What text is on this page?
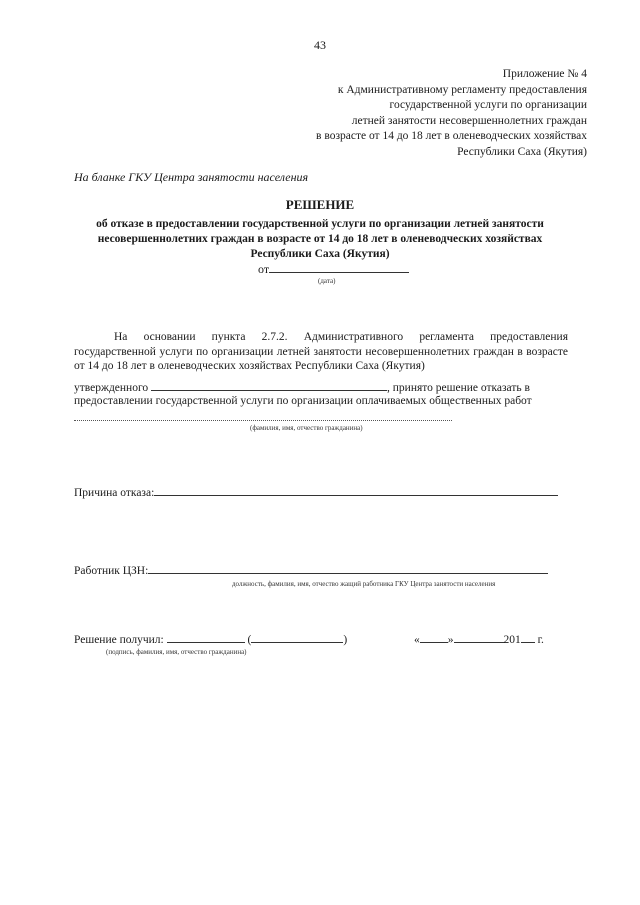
43
Приложение № 4
к Административному регламенту предоставления
государственной услуги по организации
летней занятости несовершеннолетних граждан
в возрасте от 14 до 18 лет в оленеводческих хозяйствах
Республики Саха (Якутия)
На бланке ГКУ Центра занятости населения
РЕШЕНИЕ
об отказе в предоставлении государственной услуги по организации летней занятости
несовершеннолетних граждан в возрасте от 14 до 18 лет в оленеводческих хозяйствах
Республики Саха (Якутия)
от
(дата)
На основании пункта 2.7.2. Административного регламента предоставления государственной услуги по организации летней занятости несовершеннолетних граждан в возрасте от 14 до 18 лет в оленеводческих хозяйствах Республики Саха (Якутия)
утвержденного	, принято решение отказать в
предоставлении государственной услуги по организации оплачиваемых общественных работ
(фамилия, имя, отчество гражданина)
Причина отказа:
Работник ЦЗН:
должность, фамилия, имя, отчество жащий работника ГКУ Центра занятости населения
Решение получил:	(	)	« »	201 г.
(подпись, фамилия, имя, отчество гражданина)
